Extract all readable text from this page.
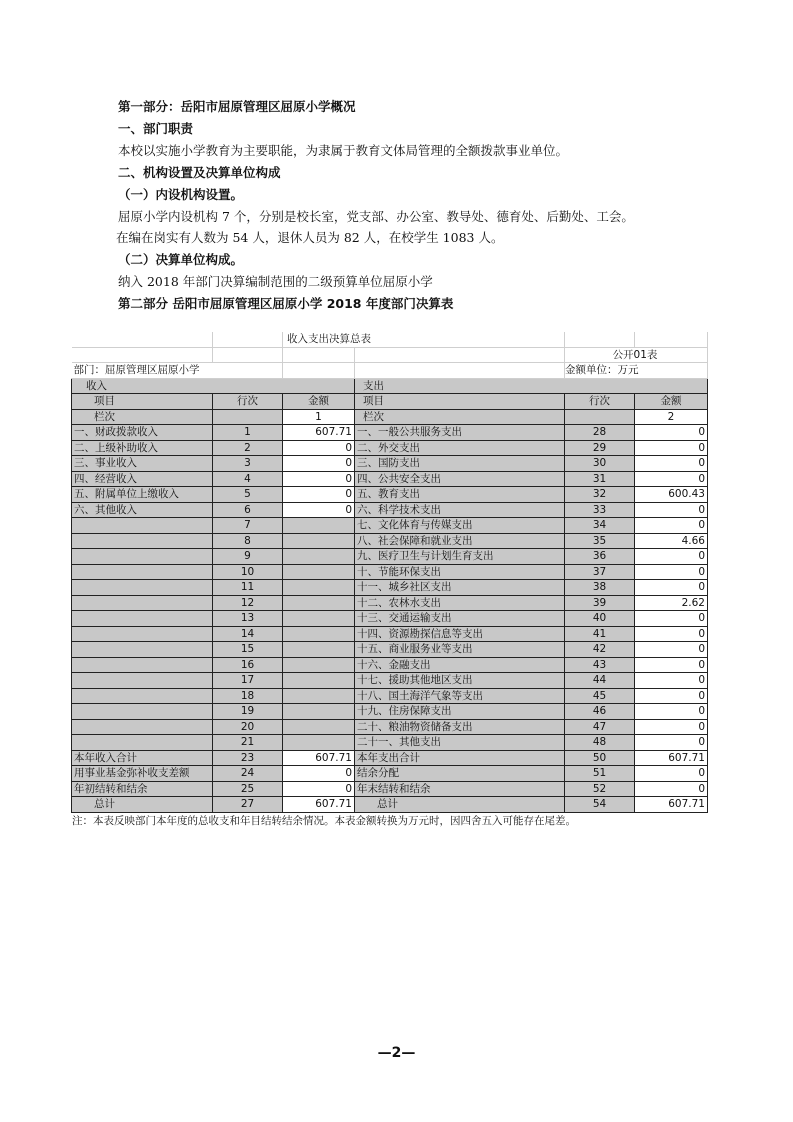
第一部分：岳阳市屈原管理区屈原小学概况
一、部门职责
本校以实施小学教育为主要职能，为隶属于教育文体局管理的全额拨款事业单位。
二、机构设置及决算单位构成
（一）内设机构设置。
屈原小学内设机构 7 个，分别是校长室，党支部、办公室、教导处、德育处、后勤处、工会。
在编在岗实有人数为 54 人，退休人员为 82 人，在校学生 1083 人。
（二）决算单位构成。
纳入 2018 年部门决算编制范围的二级预算单位屈原小学
第二部分 岳阳市屈原管理区屈原小学 2018 年度部门决算表
		收入支出决算总表			
				公开01表	
部门：屈原管理区屈原小学				金额单位：万元	
收入			支出		
项目	行次	金额	项目	行次	金额
栏次		1	栏次		2
一、财政拨款收入	1	607.71	一、一般公共服务支出	28	0
二、上级补助收入	2	0	二、外交支出	29	0
三、事业收入	3	0	三、国防支出	30	0
四、经营收入	4	0	四、公共安全支出	31	0
五、附属单位上缴收入	5	0	五、教育支出	32	600.43
六、其他收入	6	0	六、科学技术支出	33	0
	7		七、文化体育与传媒支出	34	0
	8		八、社会保障和就业支出	35	4.66
	9		九、医疗卫生与计划生育支出	36	0
	10		十、节能环保支出	37	0
	11		十一、城乡社区支出	38	0
	12		十二、农林水支出	39	2.62
	13		十三、交通运输支出	40	0
	14		十四、资源勘探信息等支出	41	0
	15		十五、商业服务业等支出	42	0
	16		十六、金融支出	43	0
	17		十七、援助其他地区支出	44	0
	18		十八、国土海洋气象等支出	45	0
	19		十九、住房保障支出	46	0
	20		二十、粮油物资储备支出	47	0
	21		二十一、其他支出	48	0
本年收入合计	23	607.71	本年支出合计	50	607.71
用事业基金弥补收支差额	24	0	结余分配	51	0
年初结转和结余	25	0	年末结转和结余	52	0
总计	27	607.71	总计	54	607.71
注：本表反映部门本年度的总收支和年目结转结余情况。本表金额转换为万元时，因四舍五入可能存在尾差。
—2—
